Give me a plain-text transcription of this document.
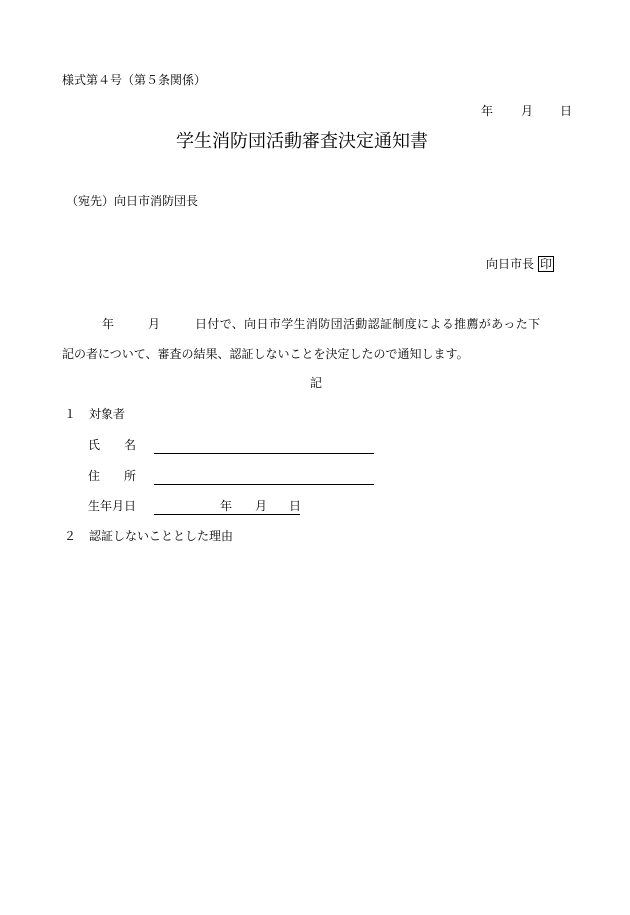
様式第４号（第５条関係）
年 月 日
学生消防団活動審査決定通知書
（宛先）向日市消防団長
向日市長 印
年	月	日付で、向日市学生消防団活動認証制度による推薦があった下
記の者について、審査の結果、認証しないことを決定したので通知します。
記
１ 対象者
氏　　名
住　　所
生年月日	年 月 日
２ 認証しないこととした理由
